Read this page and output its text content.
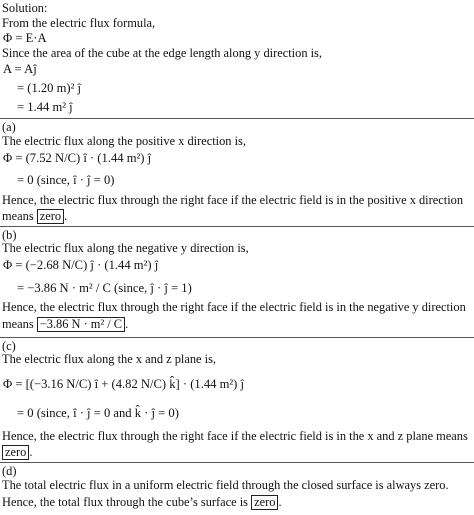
Solution:
From the electric flux formula,
Φ = E·A
Since the area of the cube at the edge length along y direction is,
A = Aĵ
= (1.20 m)² ĵ
= 1.44 m² ĵ
(a)
The electric flux along the positive x direction is,
Φ = (7.52 N/C) î · (1.44 m²) ĵ
= 0 (since, î · ĵ = 0)
Hence, the electric flux through the right face if the electric field is in the positive x direction
means zero .
(b)
The electric flux along the negative y direction is,
Φ = (−2.68 N/C) ĵ · (1.44 m²) ĵ
= −3.86 N · m² / C (since, ĵ · ĵ = 1)
Hence, the electric flux through the right face if the electric field is in the negative y direction
means −3.86 N · m² / C .
(c)
The electric flux along the x and z plane is,
Φ = [(−3.16 N/C) î + (4.82 N/C) k̂] · (1.44 m²) ĵ
= 0 (since, î · ĵ = 0 and k̂ · ĵ = 0)
Hence, the electric flux through the right face if the electric field is in the x and z plane means
zero .
(d)
The total electric flux in a uniform electric field through the closed surface is always zero.
Hence, the total flux through the cube’s surface is zero .
